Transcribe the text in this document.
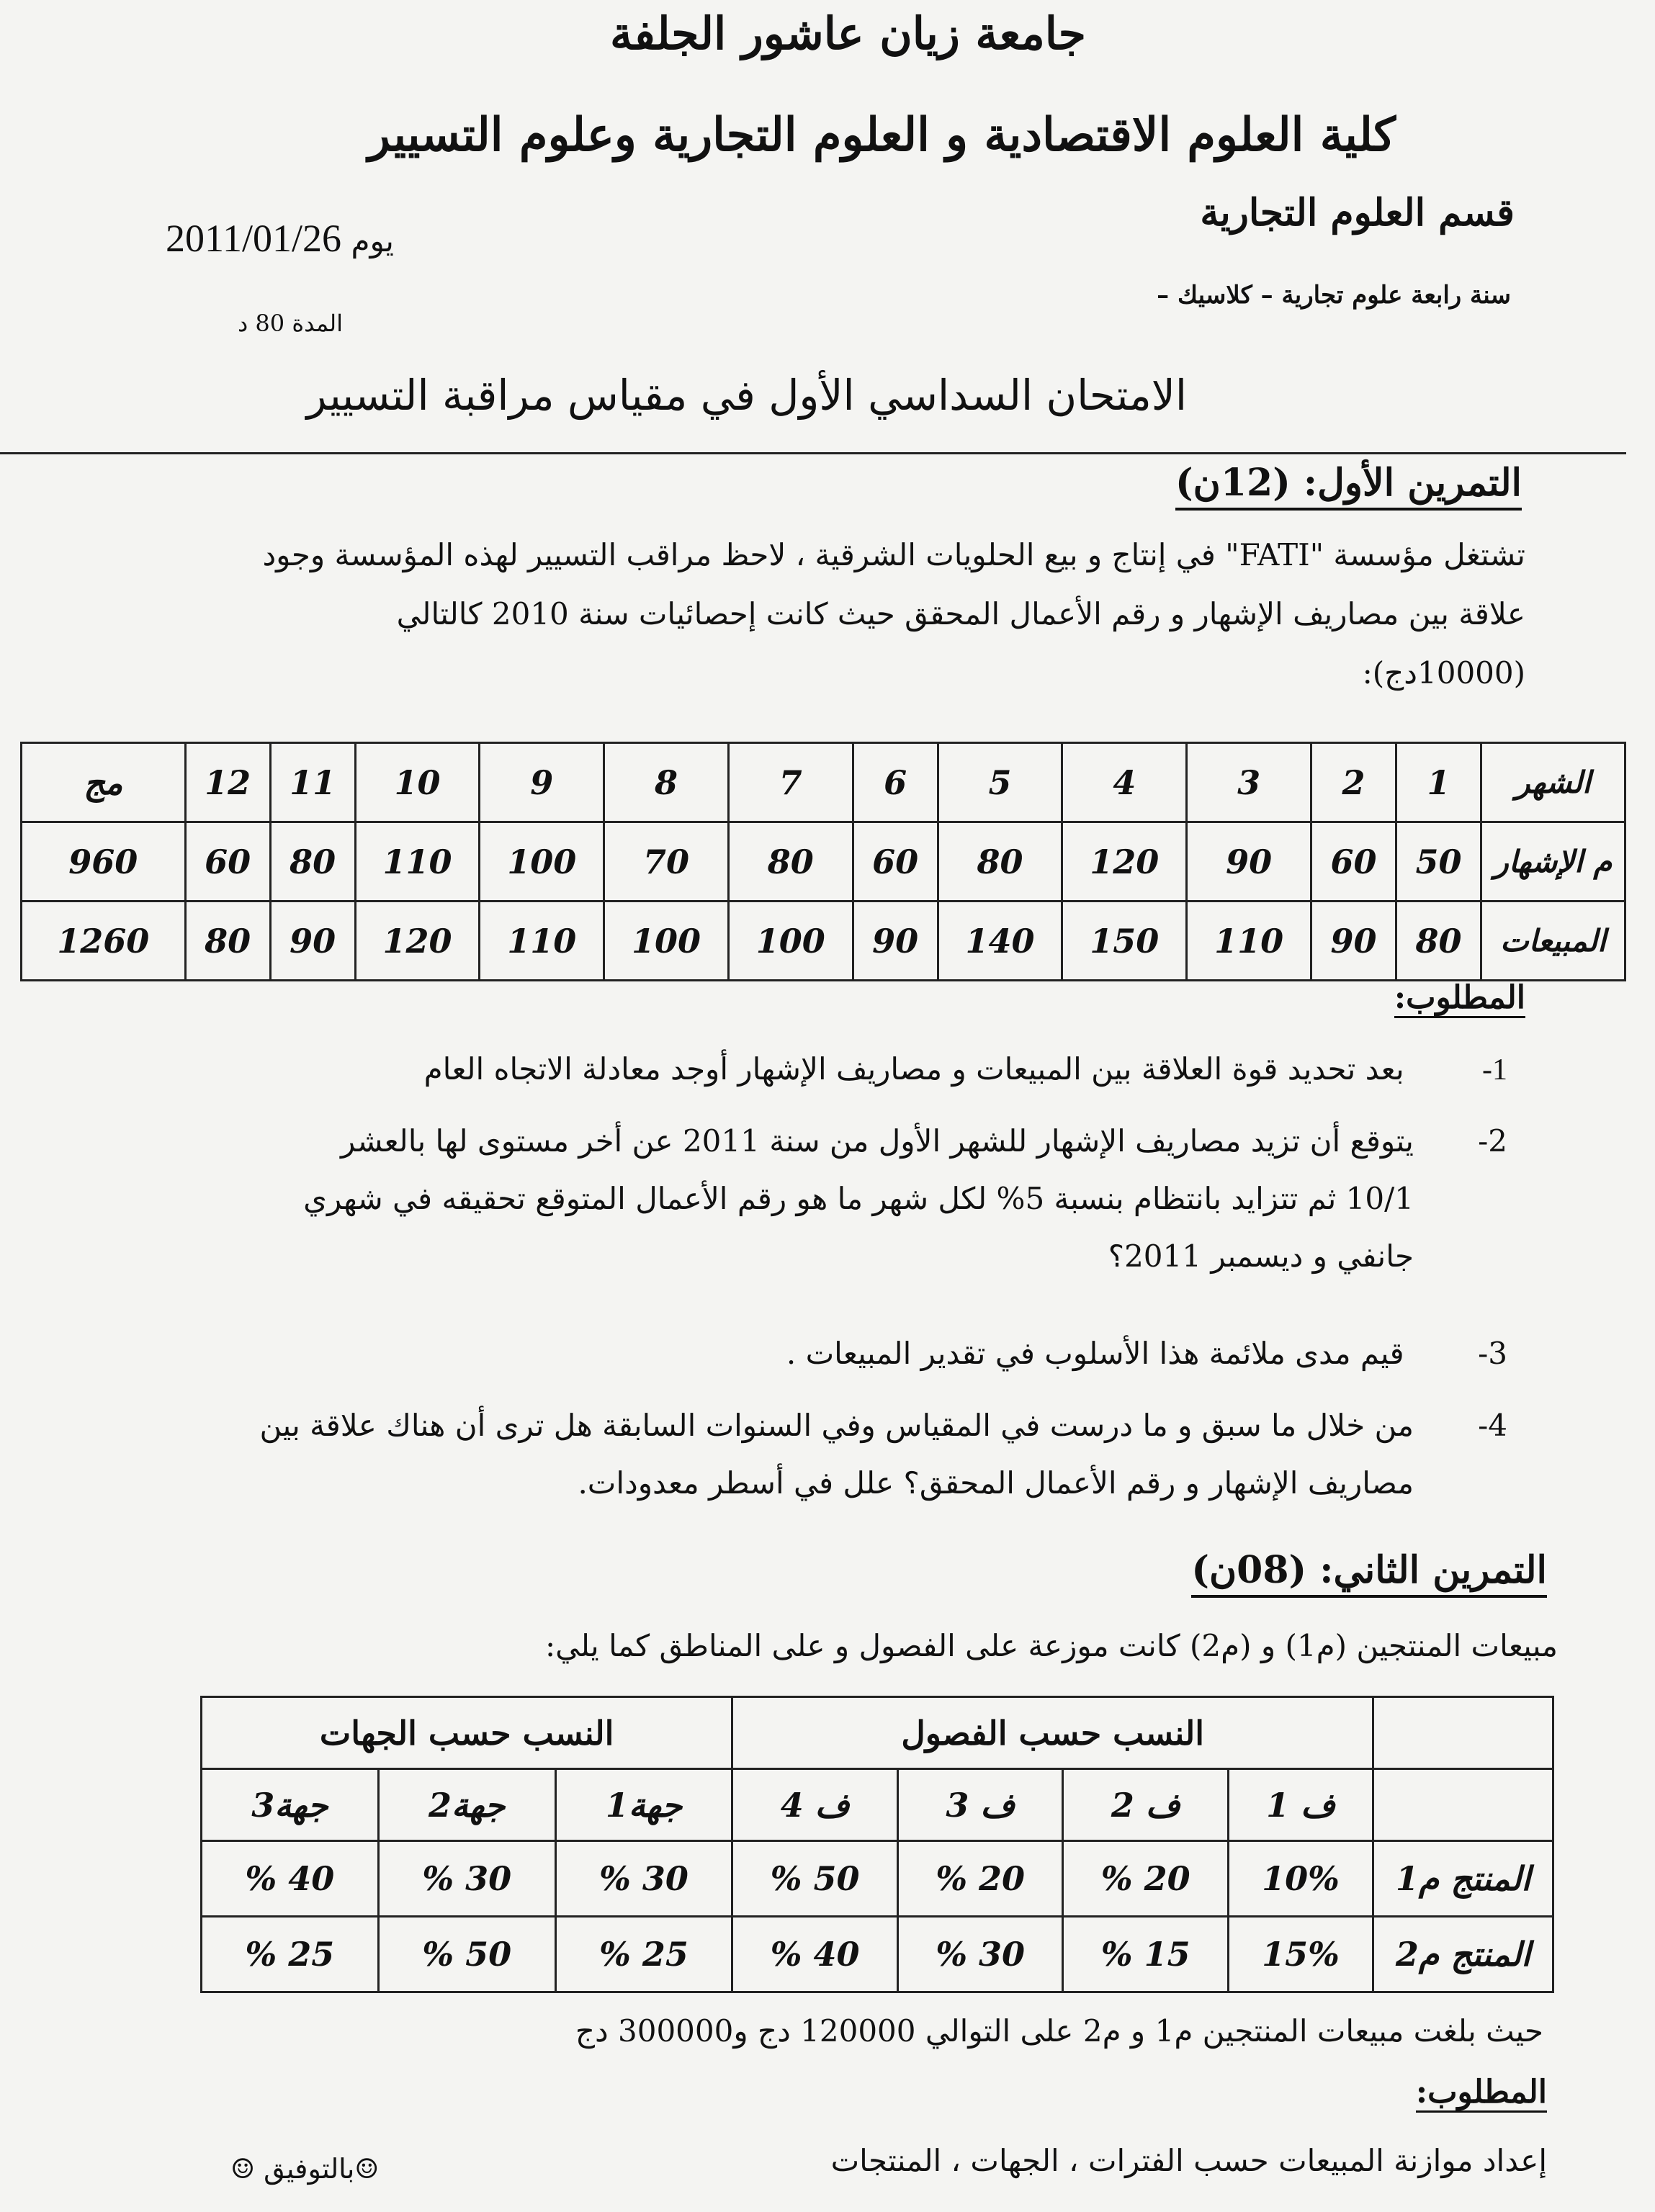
جامعة زيان عاشور الجلفة
كلية العلوم الاقتصادية و العلوم التجارية وعلوم التسيير
قسم العلوم التجارية
سنة رابعة علوم تجارية – كلاسيك –
2011/01/26 يوم
المدة 80 د
الامتحان السداسي الأول في مقياس مراقبة التسيير
التمرين الأول: (12ن)
تشتغل مؤسسة "FATI" في إنتاج و بيع الحلويات الشرقية ، لاحظ مراقب التسيير لهذه المؤسسة وجود
علاقة بين مصاريف الإشهار و رقم الأعمال المحقق حيث كانت إحصائيات سنة 2010 كالتالي
(10000دج):
الشهر	1	2	3	4	5	6	7	8	9	10	11	12	مج
م الإشهار	50	60	90	120	80	60	80	70	100	110	80	60	960
المبيعات	80	90	110	150	140	90	100	100	110	120	90	80	1260
المطلوب:
1- بعد تحديد قوة العلاقة بين المبيعات و مصاريف الإشهار أوجد معادلة الاتجاه العام
2-يتوقع أن تزيد مصاريف الإشهار للشهر الأول من سنة 2011 عن أخر مستوى لها بالعشر
10/1 ثم تتزايد بانتظام بنسبة 5% لكل شهر ما هو رقم الأعمال المتوقع تحقيقه في شهري
جانفي و ديسمبر 2011؟
3- قيم مدى ملائمة هذا الأسلوب في تقدير المبيعات .
4-من خلال ما سبق و ما درست في المقياس وفي السنوات السابقة هل ترى أن هناك علاقة بين
مصاريف الإشهار و رقم الأعمال المحقق؟ علل في أسطر معدودات.
التمرين الثاني: (08ن)
مبيعات المنتجين (م1) و (م2) كانت موزعة على الفصول و على المناطق كما يلي:
	النسب حسب الفصول				النسب حسب الجهات		
	ف 1	ف 2	ف 3	ف 4	جهة1	جهة2	جهة3
المنتج م1	10%	20 %	20 %	50 %	30 %	30 %	40 %
المنتج م2	15%	15 %	30 %	40 %	25 %	50 %	25 %
حيث بلغت مبيعات المنتجين م1 و م2 على التوالي 120000 دج و300000 دج
المطلوب:
إعداد موازنة المبيعات حسب الفترات ، الجهات ، المنتجات
☺بالتوفيق ☺
